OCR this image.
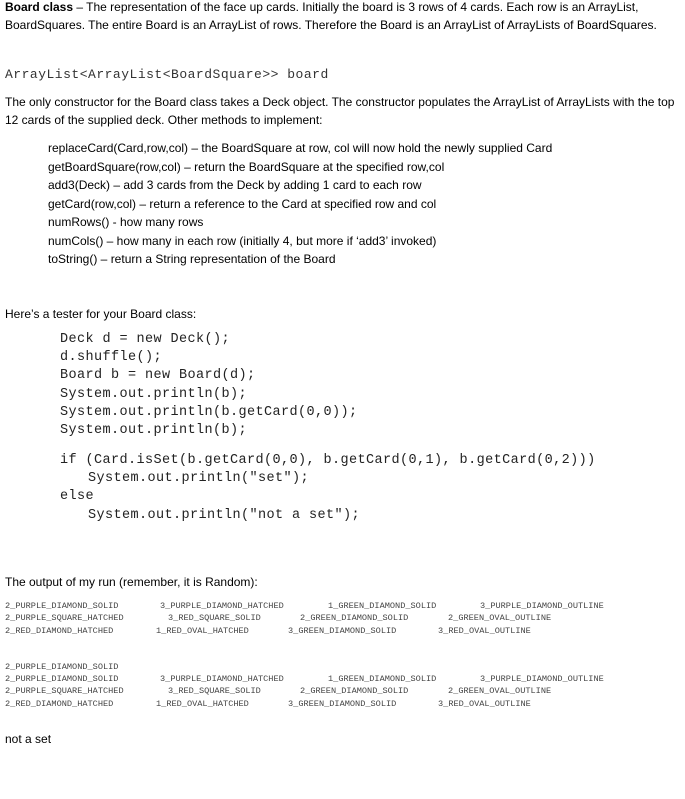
Board class – The representation of the face up cards. Initially the board is 3 rows of 4 cards. Each row is an ArrayList, BoardSquares. The entire Board is an ArrayList of rows. Therefore the Board is an ArrayList of ArrayLists of BoardSquares.
ArrayList<ArrayList<BoardSquare>> board
The only constructor for the Board class takes a Deck object. The constructor populates the ArrayList of ArrayLists with the top 12 cards of the supplied deck. Other methods to implement:
replaceCard(Card,row,col) – the BoardSquare at row, col will now hold the newly supplied Card
getBoardSquare(row,col) – return the BoardSquare at the specified row,col
add3(Deck) – add 3 cards from the Deck by adding 1 card to each row
getCard(row,col) – return a reference to the Card at specified row and col
numRows() - how many rows
numCols() – how many in each row (initially 4, but more if ‘add3’ invoked)
toString() – return a String representation of the Board
Here’s a tester for your Board class:
Deck d = new Deck();
d.shuffle();
Board b = new Board(d);
System.out.println(b);
System.out.println(b.getCard(0,0));
System.out.println(b);
if (Card.isSet(b.getCard(0,0), b.getCard(0,1), b.getCard(0,2)))
System.out.println("set");
else
System.out.println("not a set");
The output of my run (remember, it is Random):
2_PURPLE_DIAMOND_SOLID	3_PURPLE_DIAMOND_HATCHED	1_GREEN_DIAMOND_SOLID	3_PURPLE_DIAMOND_OUTLINE
2_PURPLE_SQUARE_HATCHED	3_RED_SQUARE_SOLID	2_GREEN_DIAMOND_SOLID	2_GREEN_OVAL_OUTLINE
2_RED_DIAMOND_HATCHED	1_RED_OVAL_HATCHED	3_GREEN_DIAMOND_SOLID	3_RED_OVAL_OUTLINE
2_PURPLE_DIAMOND_SOLID
2_PURPLE_DIAMOND_SOLID	3_PURPLE_DIAMOND_HATCHED	1_GREEN_DIAMOND_SOLID	3_PURPLE_DIAMOND_OUTLINE
2_PURPLE_SQUARE_HATCHED	3_RED_SQUARE_SOLID	2_GREEN_DIAMOND_SOLID	2_GREEN_OVAL_OUTLINE
2_RED_DIAMOND_HATCHED	1_RED_OVAL_HATCHED	3_GREEN_DIAMOND_SOLID	3_RED_OVAL_OUTLINE
not a set
